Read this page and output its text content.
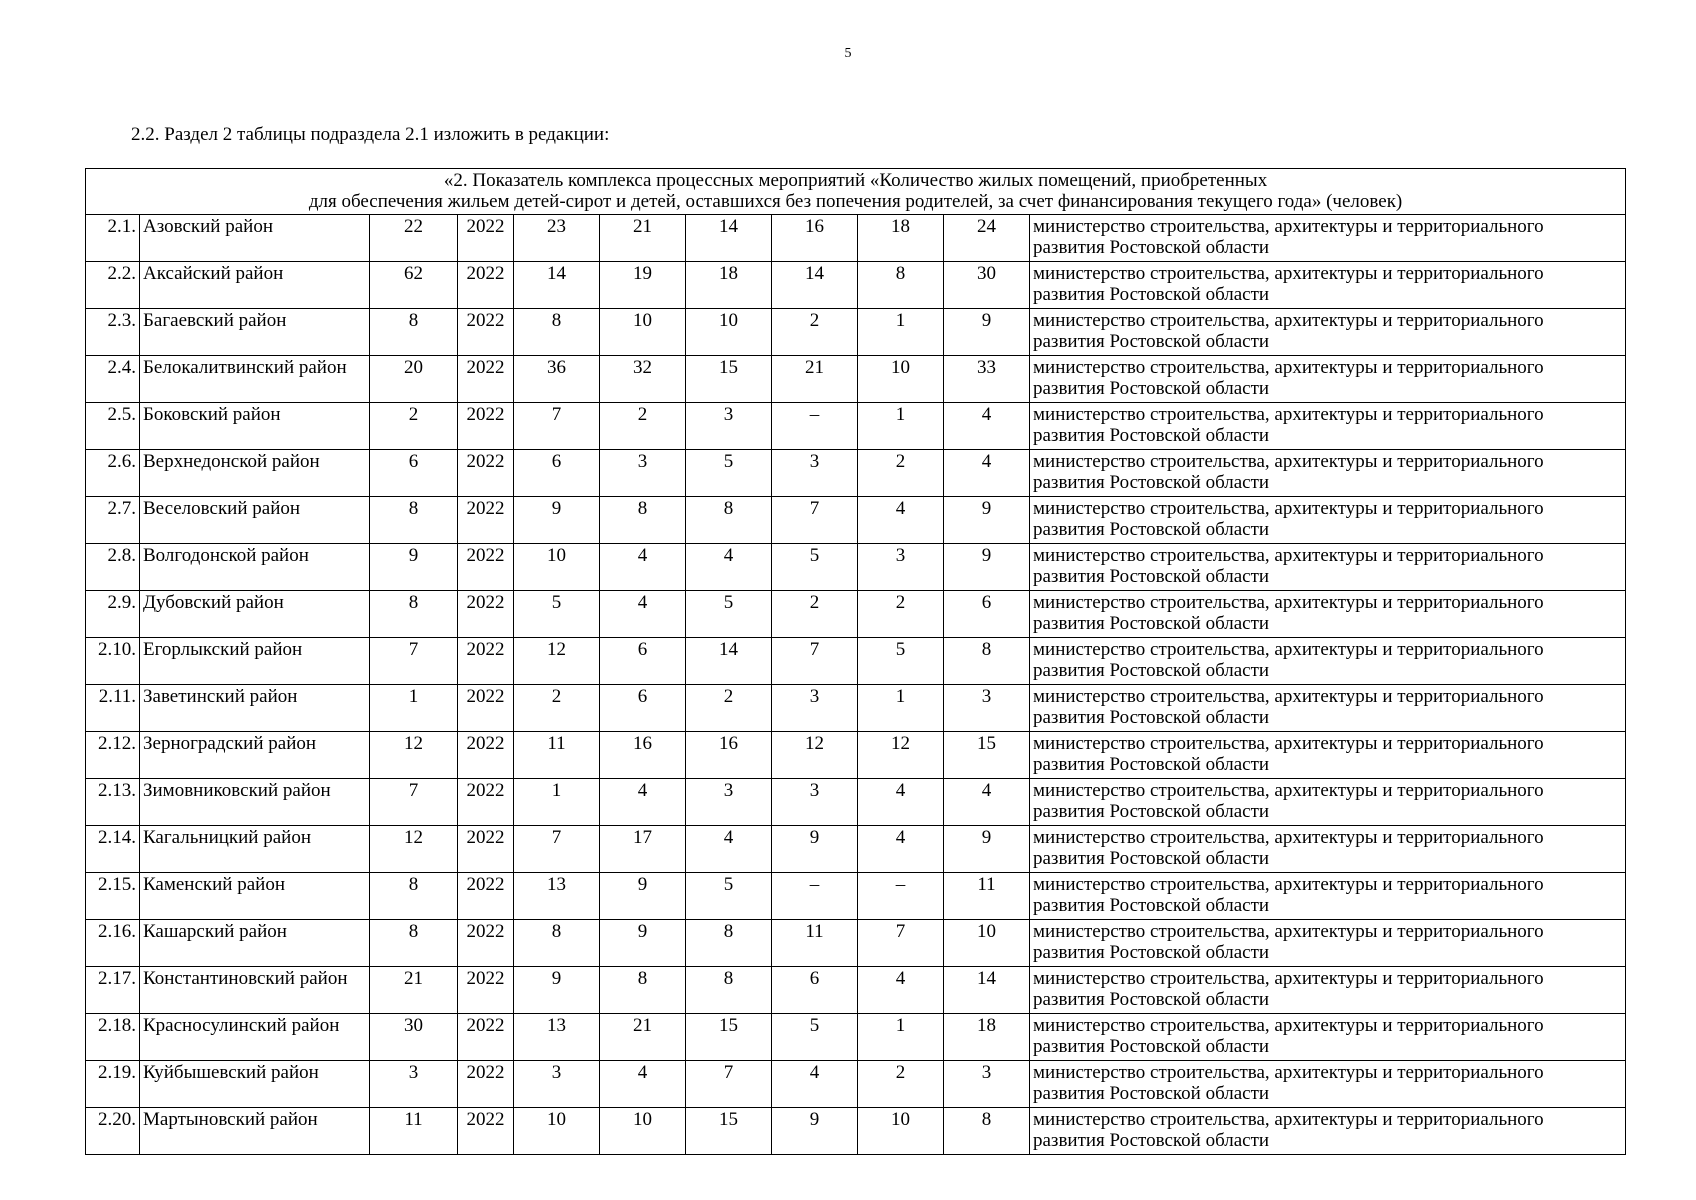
5
2.2. Раздел 2 таблицы подраздела 2.1 изложить в редакции:
«2. Показатель комплекса процессных мероприятий «Количество жилых помещений, приобретенных
для обеспечения жильем детей-сирот и детей, оставшихся без попечения родителей, за счет финансирования текущего года» (человек)										

2.1.	Азовский район	22	2022	23	21	14	16	18	24	министерство строительства, архитектуры и территориального
развития Ростовской области

2.2.	Аксайский район	62	2022	14	19	18	14	8	30	министерство строительства, архитектуры и территориального
развития Ростовской области

2.3.	Багаевский район	8	2022	8	10	10	2	1	9	министерство строительства, архитектуры и территориального
развития Ростовской области

2.4.	Белокалитвинский район	20	2022	36	32	15	21	10	33	министерство строительства, архитектуры и территориального
развития Ростовской области

2.5.	Боковский район	2	2022	7	2	3	–	1	4	министерство строительства, архитектуры и территориального
развития Ростовской области

2.6.	Верхнедонской район	6	2022	6	3	5	3	2	4	министерство строительства, архитектуры и территориального
развития Ростовской области

2.7.	Веселовский район	8	2022	9	8	8	7	4	9	министерство строительства, архитектуры и территориального
развития Ростовской области

2.8.	Волгодонской район	9	2022	10	4	4	5	3	9	министерство строительства, архитектуры и территориального
развития Ростовской области

2.9.	Дубовский район	8	2022	5	4	5	2	2	6	министерство строительства, архитектуры и территориального
развития Ростовской области

2.10.	Егорлыкский район	7	2022	12	6	14	7	5	8	министерство строительства, архитектуры и территориального
развития Ростовской области

2.11.	Заветинский район	1	2022	2	6	2	3	1	3	министерство строительства, архитектуры и территориального
развития Ростовской области

2.12.	Зерноградский район	12	2022	11	16	16	12	12	15	министерство строительства, архитектуры и территориального
развития Ростовской области

2.13.	Зимовниковский район	7	2022	1	4	3	3	4	4	министерство строительства, архитектуры и территориального
развития Ростовской области

2.14.	Кагальницкий район	12	2022	7	17	4	9	4	9	министерство строительства, архитектуры и территориального
развития Ростовской области

2.15.	Каменский район	8	2022	13	9	5	–	–	11	министерство строительства, архитектуры и территориального
развития Ростовской области

2.16.	Кашарский район	8	2022	8	9	8	11	7	10	министерство строительства, архитектуры и территориального
развития Ростовской области

2.17.	Константиновский район	21	2022	9	8	8	6	4	14	министерство строительства, архитектуры и территориального
развития Ростовской области

2.18.	Красносулинский район	30	2022	13	21	15	5	1	18	министерство строительства, архитектуры и территориального
развития Ростовской области

2.19.	Куйбышевский район	3	2022	3	4	7	4	2	3	министерство строительства, архитектуры и территориального
развития Ростовской области

2.20.	Мартыновский район	11	2022	10	10	15	9	10	8	министерство строительства, архитектуры и территориального
развития Ростовской области
